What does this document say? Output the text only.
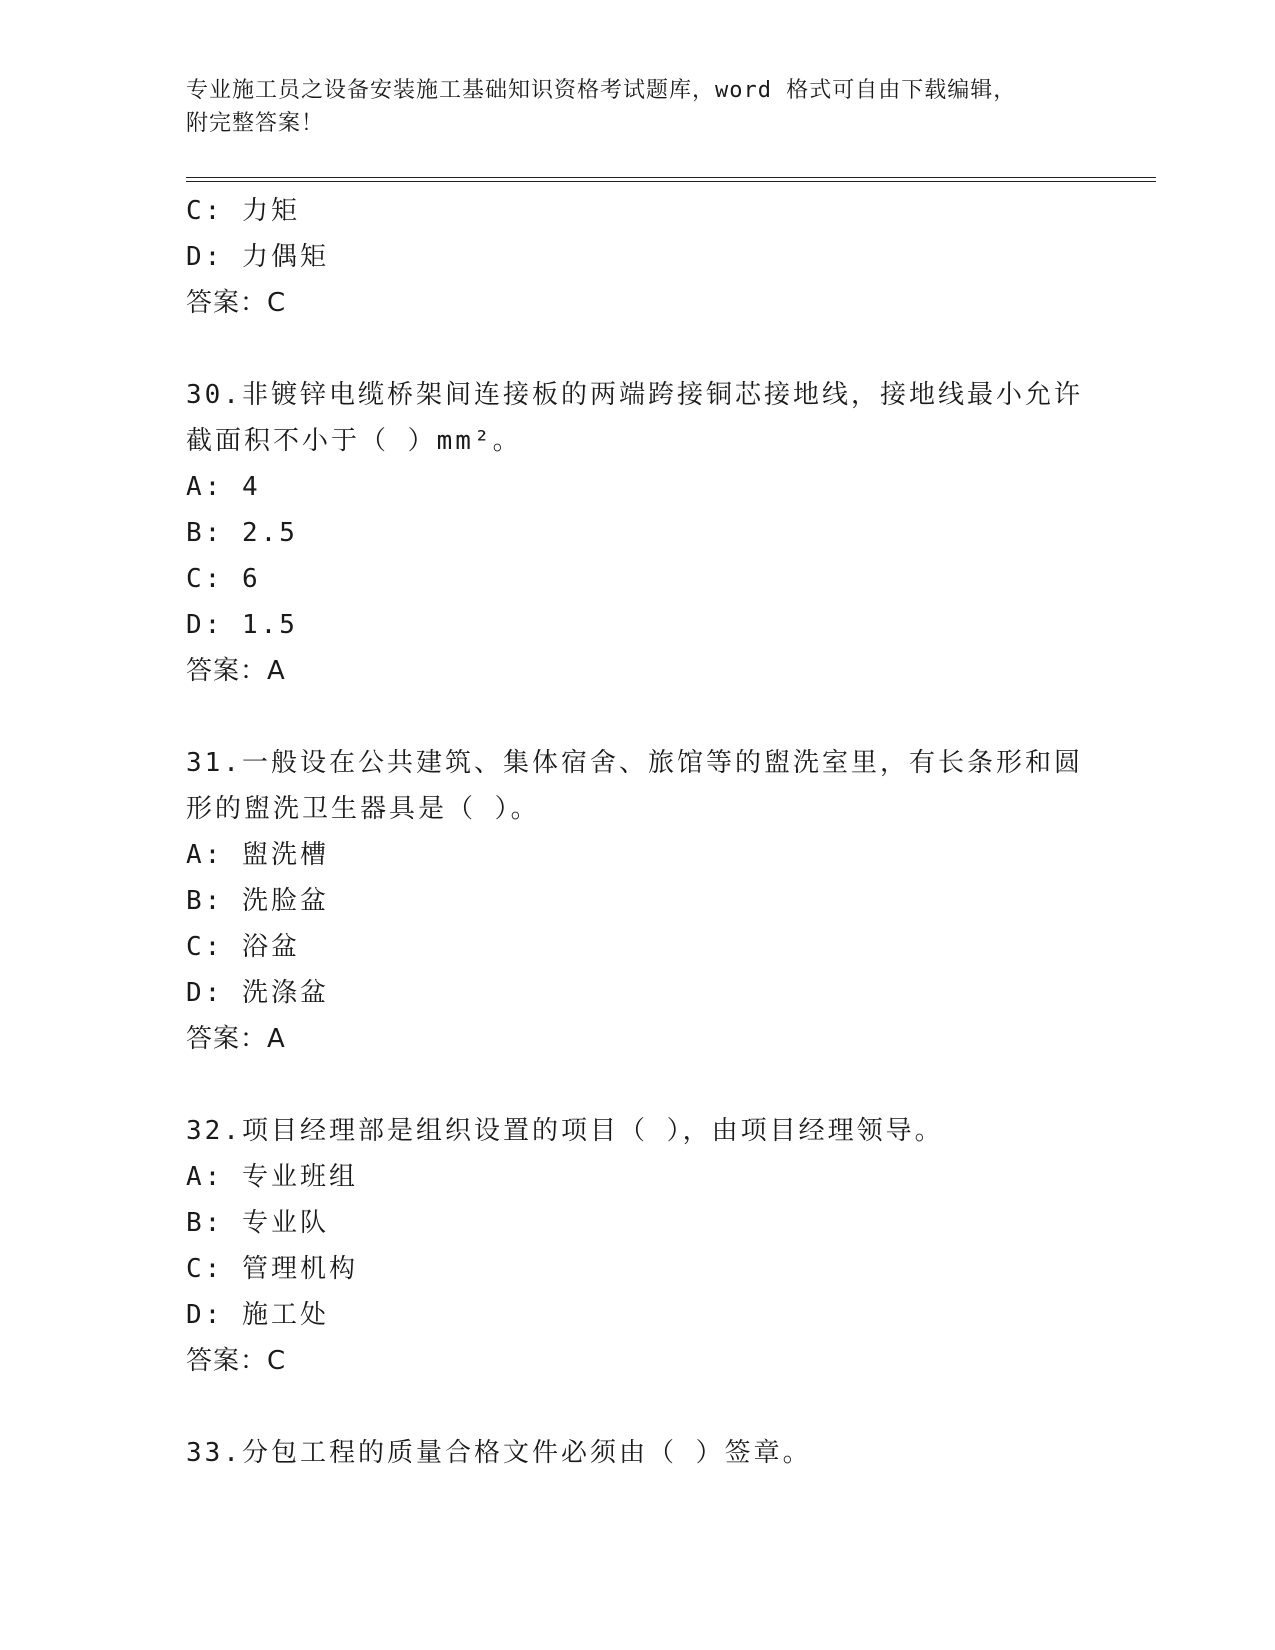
专业施工员之设备安装施工基础知识资格考试题库，word 格式可自由下载编辑，
附完整答案！
C: 力矩
D: 力偶矩
答案：C
30.非镀锌电缆桥架间连接板的两端跨接铜芯接地线，接地线最小允许
截面积不小于（ ）mm²。
A: 4
B: 2.5
C: 6
D: 1.5
答案：A
31.一般设在公共建筑、集体宿舍、旅馆等的盥洗室里，有长条形和圆
形的盥洗卫生器具是（ ）。
A: 盥洗槽
B: 洗脸盆
C: 浴盆
D: 洗涤盆
答案：A
32.项目经理部是组织设置的项目（ ），由项目经理领导。
A: 专业班组
B: 专业队
C: 管理机构
D: 施工处
答案：C
33.分包工程的质量合格文件必须由（ ）签章。
